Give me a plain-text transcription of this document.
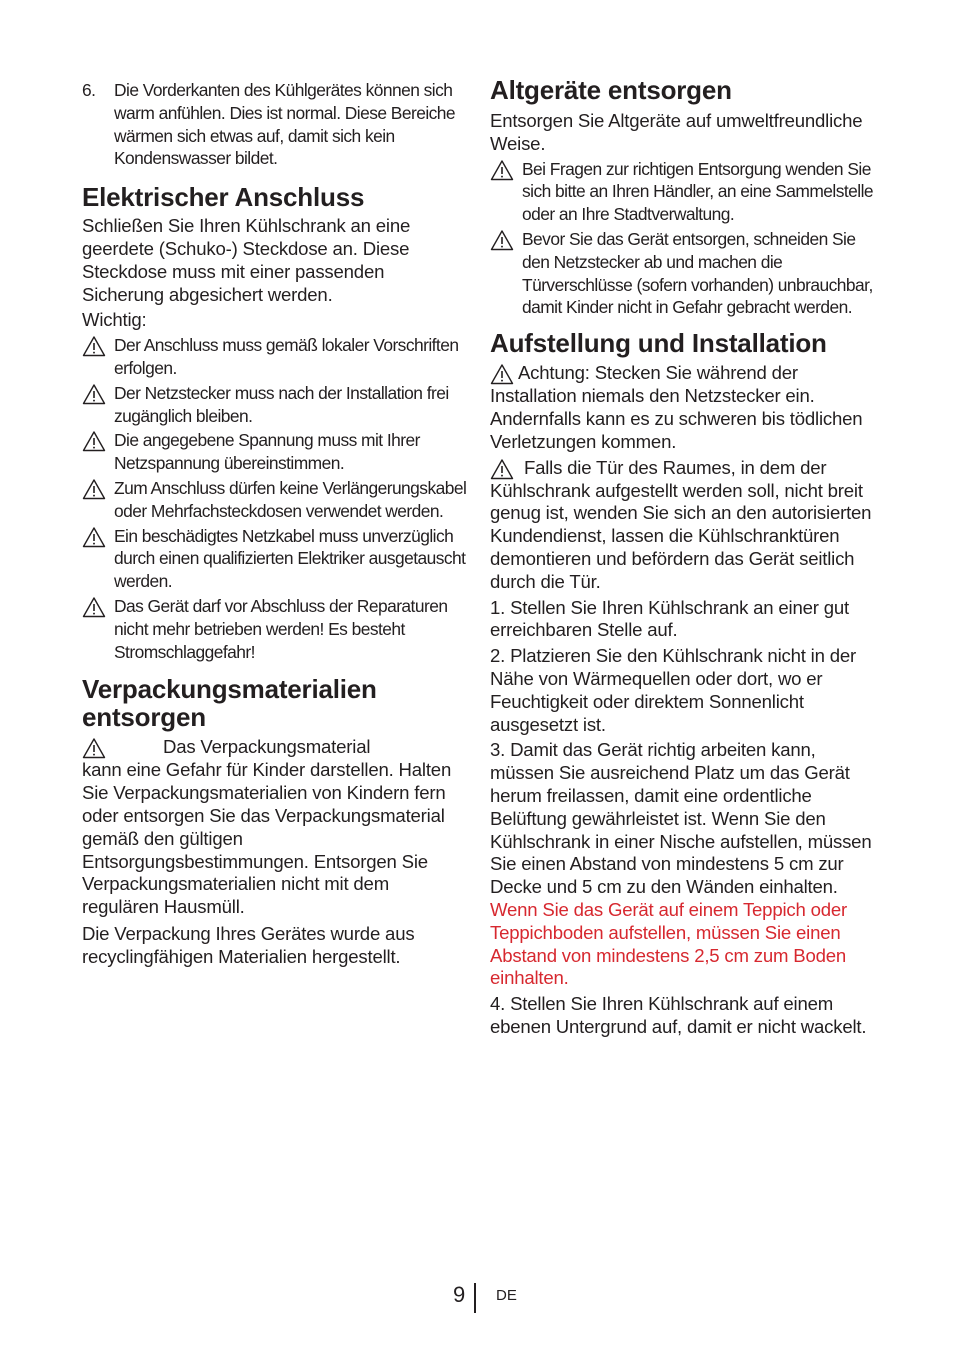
6.	Die Vorderkanten des Kühlgerätes können sich warm anfühlen. Dies ist normal. Diese Bereiche wärmen sich etwas auf, damit sich kein Kondenswasser bildet.
Elektrischer Anschluss

Schließen Sie Ihren Kühlschrank an eine geerdete (Schuko-) Steckdose an. Diese Steckdose muss mit einer passenden Sicherung abgesichert werden.

Wichtig:

Der Anschluss muss gemäß lokaler Vorschriften erfolgen.
Der Netzstecker muss nach der Installation frei zugänglich bleiben.
Die angegebene Spannung muss mit Ihrer Netzspannung übereinstimmen.
Zum Anschluss dürfen keine Verlängerungskabel oder Mehrfachsteckdosen verwendet werden.
Ein beschädigtes Netzkabel muss unverzüglich durch einen qualifizierten Elektriker ausgetauscht werden.
Das Gerät darf vor Abschluss der Reparaturen nicht mehr betrieben werden! Es besteht Stromschlaggefahr!
Verpackungsmaterialien entsorgen

Das Verpackungsmaterial
kann eine Gefahr für Kinder darstellen. Halten Sie Verpackungsmaterialien von Kindern fern oder entsorgen Sie das Verpackungsmaterial gemäß den gültigen Entsorgungsbestimmungen. Entsorgen Sie Verpackungsmaterialien nicht mit dem regulären Hausmüll.

Die Verpackung Ihres Gerätes wurde aus recyclingfähigen Materialien hergestellt.

Altgeräte entsorgen

Entsorgen Sie Altgeräte auf umweltfreundliche Weise.

Bei Fragen zur richtigen Entsorgung wenden Sie sich bitte an Ihren Händler, an eine Sammelstelle oder an Ihre Stadtverwaltung.
Bevor Sie das Gerät entsorgen, schneiden Sie den Netzstecker ab und machen die Türverschlüsse (sofern vorhanden) unbrauchbar, damit Kinder nicht in Gefahr gebracht werden.
Aufstellung und Installation

Achtung: Stecken Sie während der Installation niemals den Netzstecker ein. Andernfalls kann es zu schweren bis tödlichen Verletzungen kommen.

Falls die Tür des Raumes, in dem der Kühlschrank aufgestellt werden soll, nicht breit genug ist, wenden Sie sich an den autorisierten Kundendienst, lassen die Kühlschranktüren demontieren und befördern das Gerät seitlich durch die Tür.

1. Stellen Sie Ihren Kühlschrank an einer gut erreichbaren Stelle auf.

2. Platzieren Sie den Kühlschrank nicht in der Nähe von Wärmequellen oder dort, wo er Feuchtigkeit oder direktem Sonnenlicht ausgesetzt ist.

3. Damit das Gerät richtig arbeiten kann, müssen Sie ausreichend Platz um das Gerät herum freilassen, damit eine ordentliche Belüftung gewährleistet ist. Wenn Sie den Kühlschrank in einer Nische aufstellen, müssen Sie einen Abstand von mindestens 5 cm zur Decke und 5 cm zu den Wänden einhalten. Wenn Sie das Gerät auf einem Teppich oder Teppichboden aufstellen, müssen Sie einen Abstand von mindestens 2,5 cm zum Boden einhalten.

4. Stellen Sie Ihren Kühlschrank auf einem ebenen Untergrund auf, damit er nicht wackelt.

9 DE
